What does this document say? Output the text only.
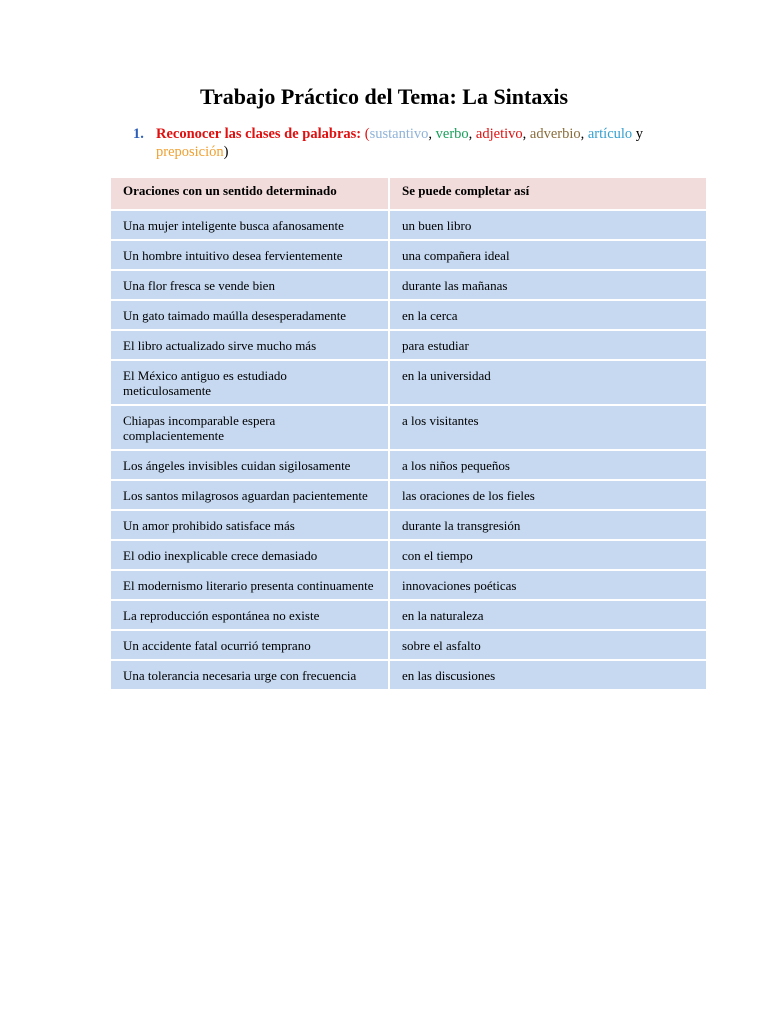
Trabajo Práctico del Tema: La Sintaxis
1. Reconocer las clases de palabras: (sustantivo, verbo, adjetivo, adverbio, artículo y
preposición)
Oraciones con un sentido determinado	Se puede completar así
Una mujer inteligente busca afanosamente	un buen libro
Un hombre intuitivo desea fervientemente	una compañera ideal
Una flor fresca se vende bien	durante las mañanas
Un gato taimado maúlla desesperadamente	en la cerca
El libro actualizado sirve mucho más	para estudiar
El México antiguo es estudiado meticulosamente	en la universidad
Chiapas incomparable espera complacientemente	a los visitantes
Los ángeles invisibles cuidan sigilosamente	a los niños pequeños
Los santos milagrosos aguardan pacientemente	las oraciones de los fieles
Un amor prohibido satisface más	durante la transgresión
El odio inexplicable crece demasiado	con el tiempo
El modernismo literario presenta continuamente	innovaciones poéticas
La reproducción espontánea no existe	en la naturaleza
Un accidente fatal ocurrió temprano	sobre el asfalto
Una tolerancia necesaria urge con frecuencia	en las discusiones
